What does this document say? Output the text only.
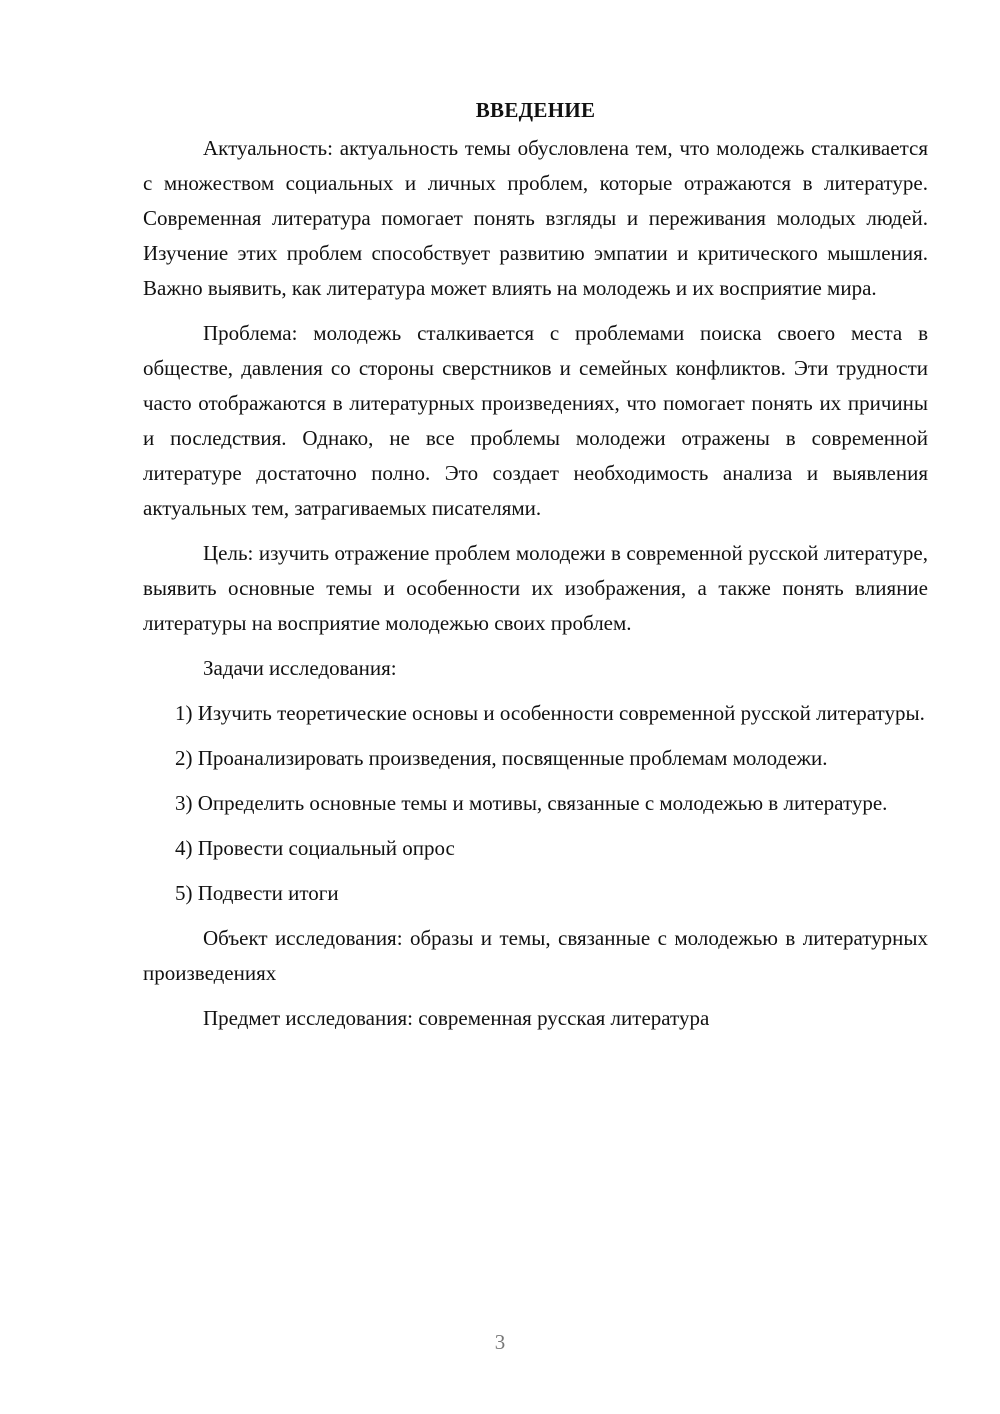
ВВЕДЕНИЕ

Актуальность: актуальность темы обусловлена тем, что молодежь сталкивается с множеством социальных и личных проблем, которые отражаются в литературе. Современная литература помогает понять взгляды и переживания молодых людей. Изучение этих проблем способствует развитию эмпатии и критического мышления. Важно выявить, как литература может влиять на молодежь и их восприятие мира.

Проблема: молодежь сталкивается с проблемами поиска своего места в обществе, давления со стороны сверстников и семейных конфликтов. Эти трудности часто отображаются в литературных произведениях, что помогает понять их причины и последствия. Однако, не все проблемы молодежи отражены в современной литературе достаточно полно. Это создает необходимость анализа и выявления актуальных тем, затрагиваемых писателями.

Цель: изучить отражение проблем молодежи в современной русской литературе, выявить основные темы и особенности их изображения, а также понять влияние литературы на восприятие молодежью своих проблем.

Задачи исследования:

1) Изучить теоретические основы и особенности современной русской литературы.

2) Проанализировать произведения, посвященные проблемам молодежи.

3) Определить основные темы и мотивы, связанные с молодежью в литературе.

4) Провести социальный опрос

5) Подвести итоги

Объект исследования: образы и темы, связанные с молодежью в литературных произведениях

Предмет исследования: современная русская литература

3
